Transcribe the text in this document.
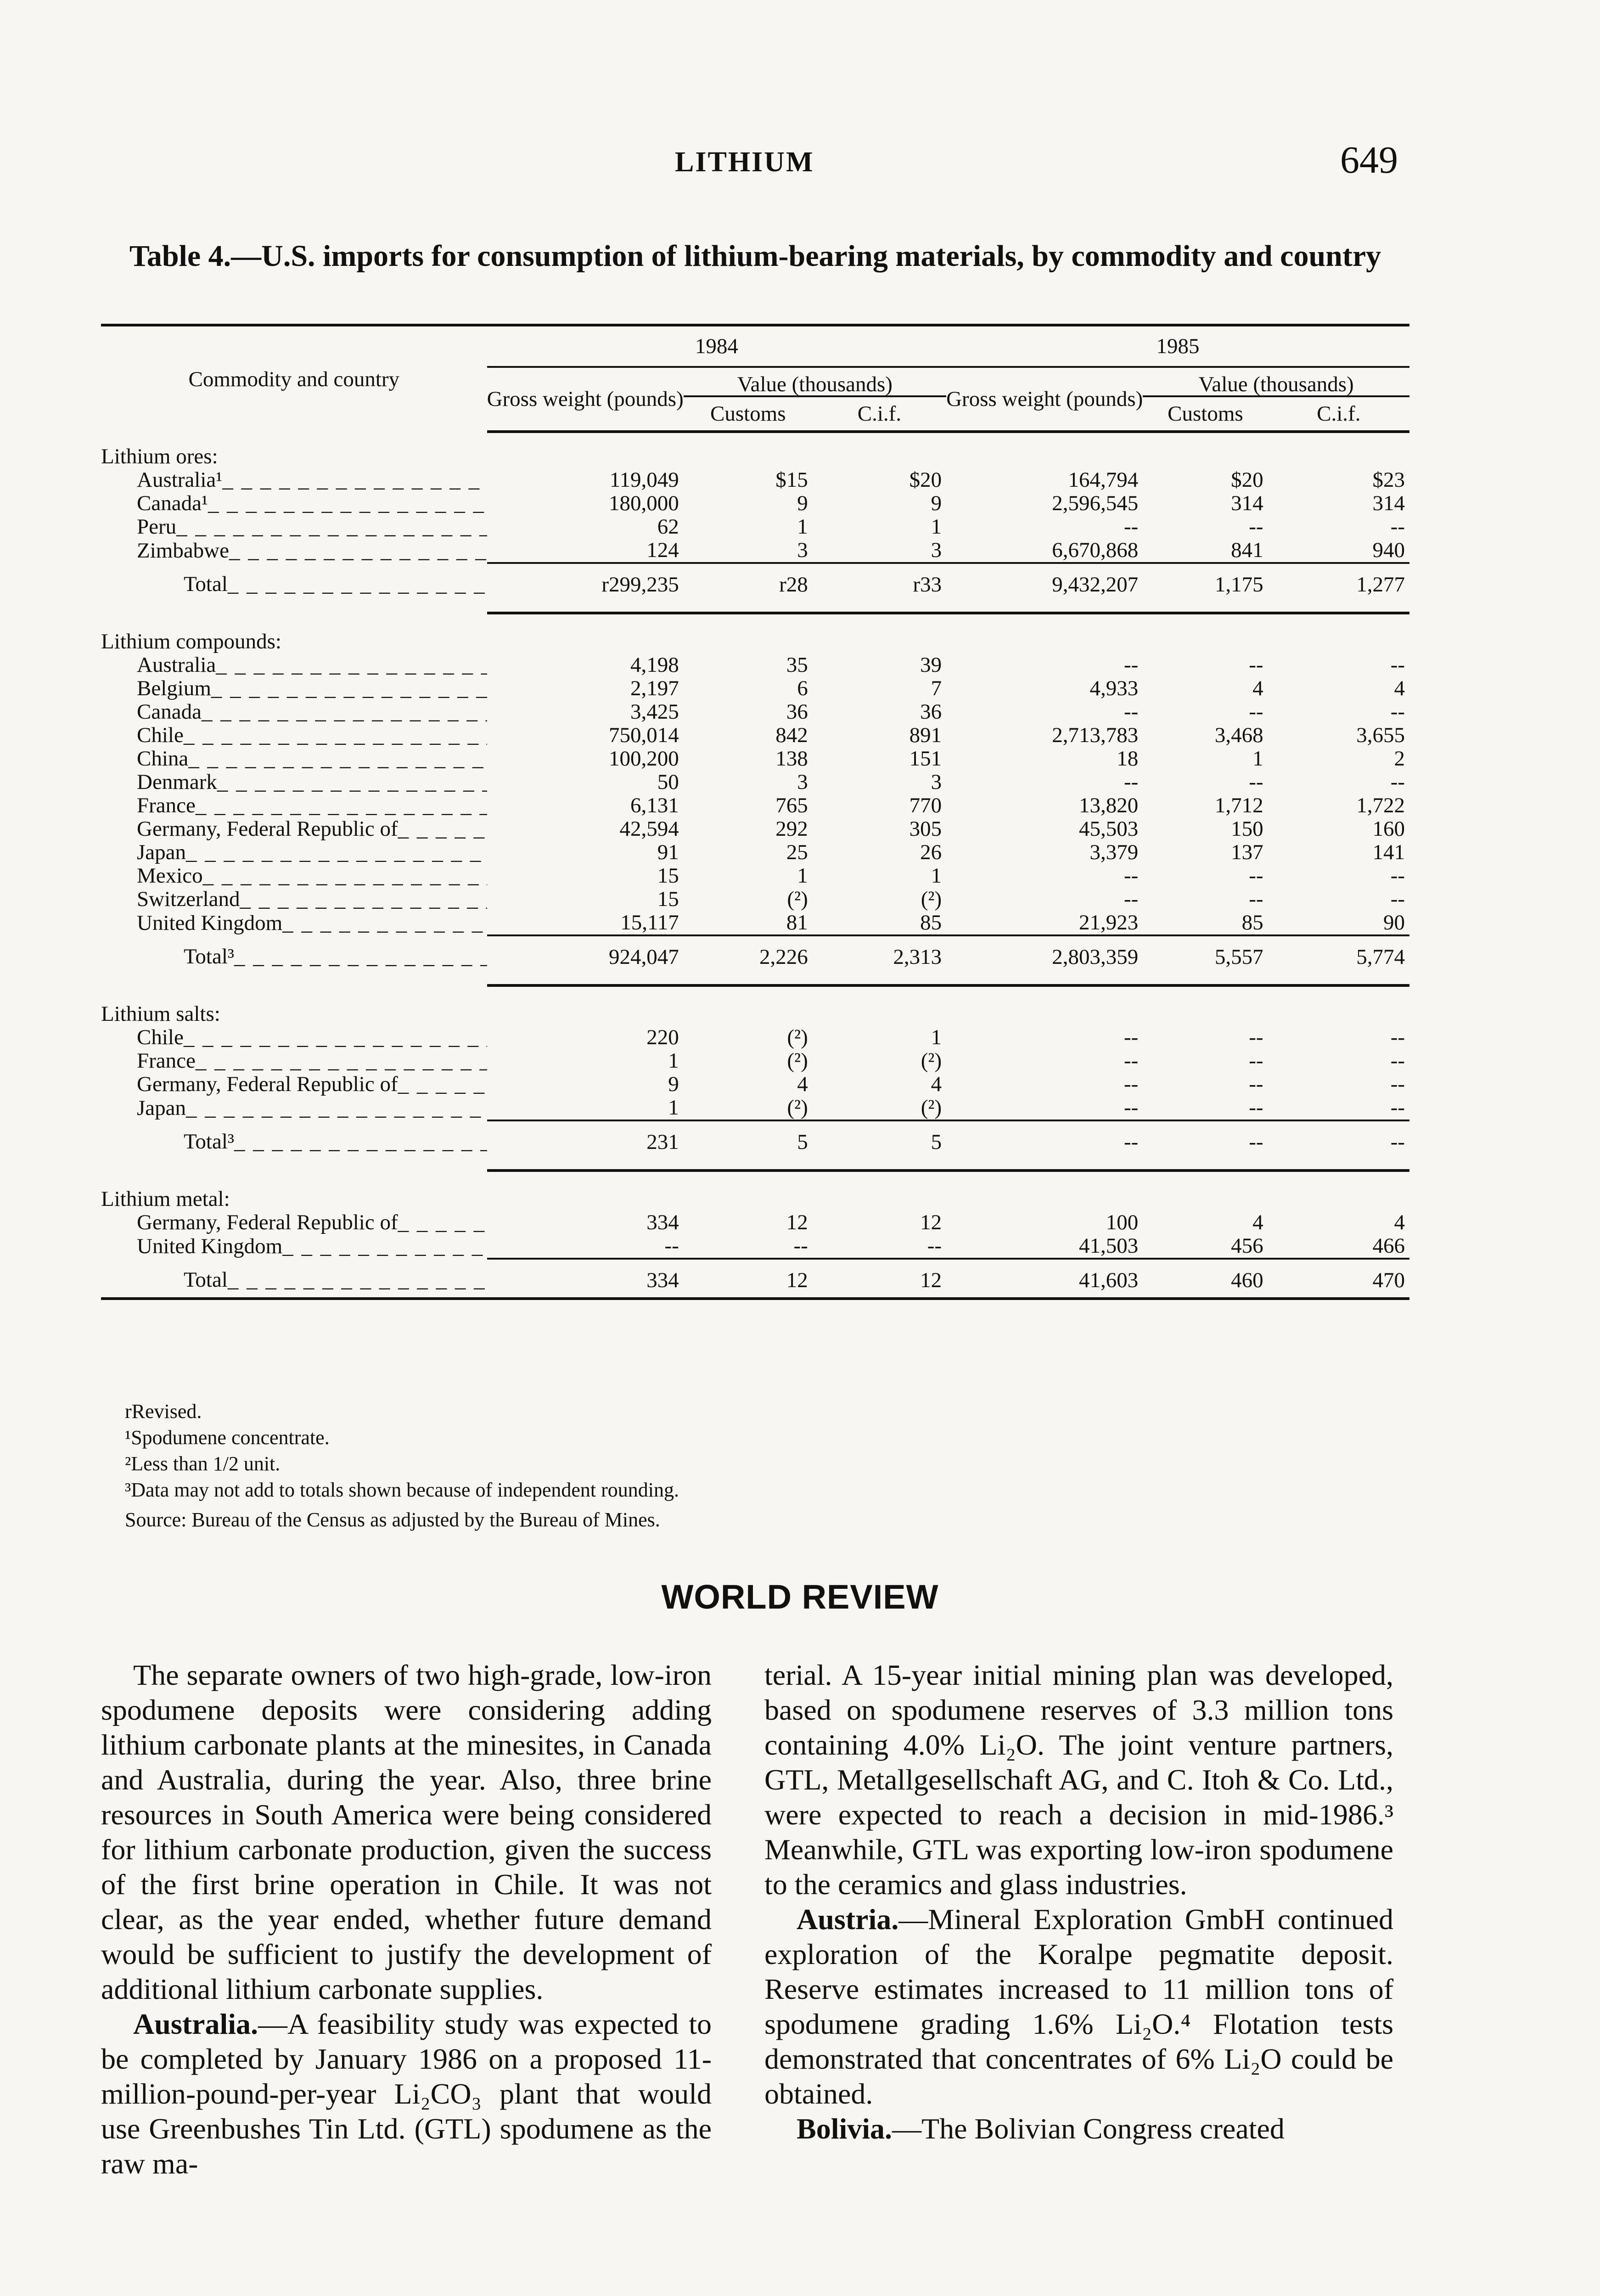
LITHIUM	649
Table 4.—U.S. imports for consumption of lithium-bearing materials, by commodity and country
Commodity and country	1984			1985		
	Gross weight (pounds)	Value (thousands)		Gross weight (pounds)	Value (thousands)	
		Customs	C.i.f.		Customs	C.i.f.
Lithium ores:						
Australia¹ _ _ _	119,049	$15	$20	164,794	$20	$23
Canada¹ _ _ _	180,000	9	9	2,596,545	314	314
Peru _ _ _	62	1	1	--	--	--
Zimbabwe _ _ _	124	3	3	6,670,868	841	940
Total _ _ _	r299,235	r28	r33	9,432,207	1,175	1,277

Lithium compounds:						
Australia _ _ _	4,198	35	39	--	--	--
Belgium _ _ _	2,197	6	7	4,933	4	4
Canada _ _ _	3,425	36	36	--	--	--
Chile _ _ _	750,014	842	891	2,713,783	3,468	3,655
China _ _ _	100,200	138	151	18	1	2
Denmark _ _ _	50	3	3	--	--	--
France _ _ _	6,131	765	770	13,820	1,712	1,722
Germany, Federal Republic of _ _ _	42,594	292	305	45,503	150	160
Japan _ _ _	91	25	26	3,379	137	141
Mexico _ _ _	15	1	1	--	--	--
Switzerland _ _ _	15	(²)	(²)	--	--	--
United Kingdom _ _ _	15,117	81	85	21,923	85	90
Total³ _ _ _	924,047	2,226	2,313	2,803,359	5,557	5,774

Lithium salts:						
Chile _ _ _	220	(²)	1	--	--	--
France _ _ _	1	(²)	(²)	--	--	--
Germany, Federal Republic of _ _ _	9	4	4	--	--	--
Japan _ _ _	1	(²)	(²)	--	--	--
Total³ _ _ _	231	5	5	--	--	--

Lithium metal:						
Germany, Federal Republic of _ _ _	334	12	12	100	4	4
United Kingdom _ _ _	--	--	--	41,503	456	466
Total _ _ _	334	12	12	41,603	460	470

rRevised.

¹Spodumene concentrate.

²Less than 1/2 unit.

³Data may not add to totals shown because of independent rounding.

Source: Bureau of the Census as adjusted by the Bureau of Mines.

WORLD REVIEW

The separate owners of two high-grade, low-iron spodumene deposits were considering adding lithium carbonate plants at the minesites, in Canada and Australia, during the year. Also, three brine resources in South America were being considered for lithium carbonate production, given the success of the first brine operation in Chile. It was not clear, as the year ended, whether future demand would be sufficient to justify the development of additional lithium carbonate supplies.

Australia.—A feasibility study was expected to be completed by January 1986 on a proposed 11-million-pound-per-year Li₂CO₃ plant that would use Greenbushes Tin Ltd. (GTL) spodumene as the raw ma-

terial. A 15-year initial mining plan was developed, based on spodumene reserves of 3.3 million tons containing 4.0% Li₂O. The joint venture partners, GTL, Metallgesellschaft AG, and C. Itoh & Co. Ltd., were expected to reach a decision in mid-1986.³ Meanwhile, GTL was exporting low-iron spodumene to the ceramics and glass industries.

Austria.—Mineral Exploration GmbH continued exploration of the Koralpe pegmatite deposit. Reserve estimates increased to 11 million tons of spodumene grading 1.6% Li₂O.⁴ Flotation tests demonstrated that concentrates of 6% Li₂O could be obtained.

Bolivia.—The Bolivian Congress created
